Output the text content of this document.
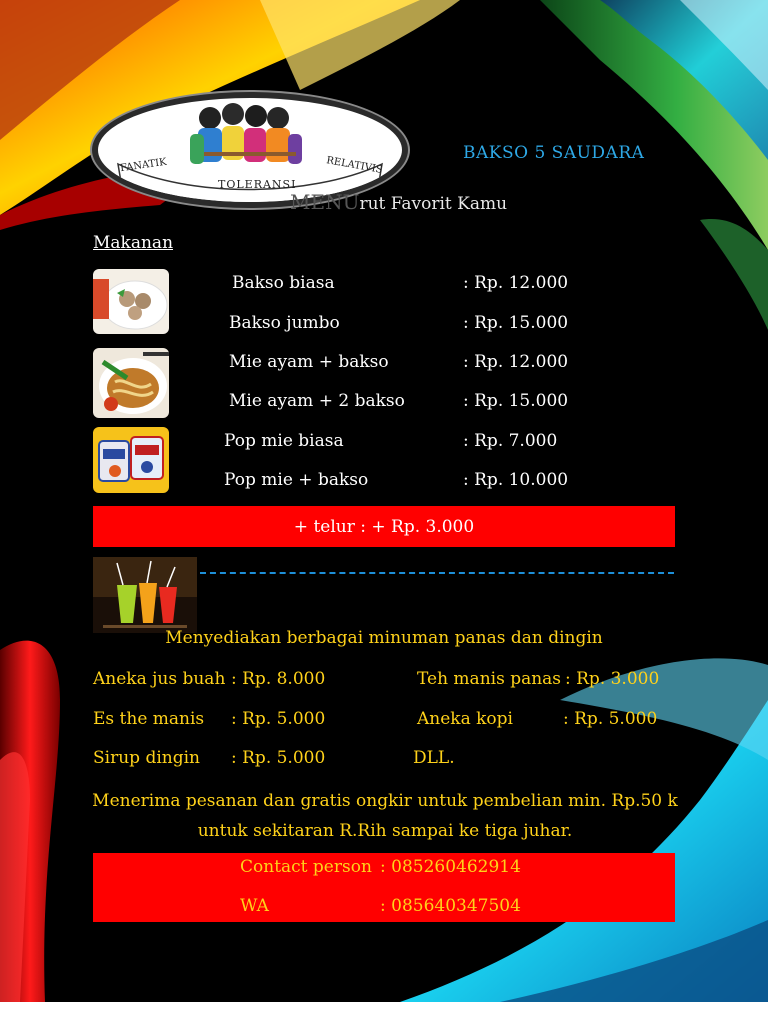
FANATIK
TOLERANSI
RELATIVIS
BAKSO 5 SAUDARA
MENUrut Favorit Kamu
Makanan
Bakso biasa	: Rp. 12.000
Bakso jumbo	: Rp. 15.000
Mie ayam + bakso	: Rp. 12.000
Mie ayam + 2 bakso	: Rp. 15.000
Pop mie biasa	: Rp. 7.000
Pop mie + bakso	: Rp. 10.000
+ telur : + Rp. 3.000
Menyediakan berbagai minuman panas dan dingin
Aneka jus buah : Rp. 8.000	Teh manis panas : Rp. 3.000
Es the manis : Rp. 5.000	Aneka kopi	: Rp. 5.000
Sirup dingin : Rp. 5.000	DLL.
Menerima pesanan dan gratis ongkir untuk pembelian min. Rp.50 k
untuk sekitaran R.Rih sampai ke tiga juhar.
Contact person : 085260462914
WA	: 085640347504
